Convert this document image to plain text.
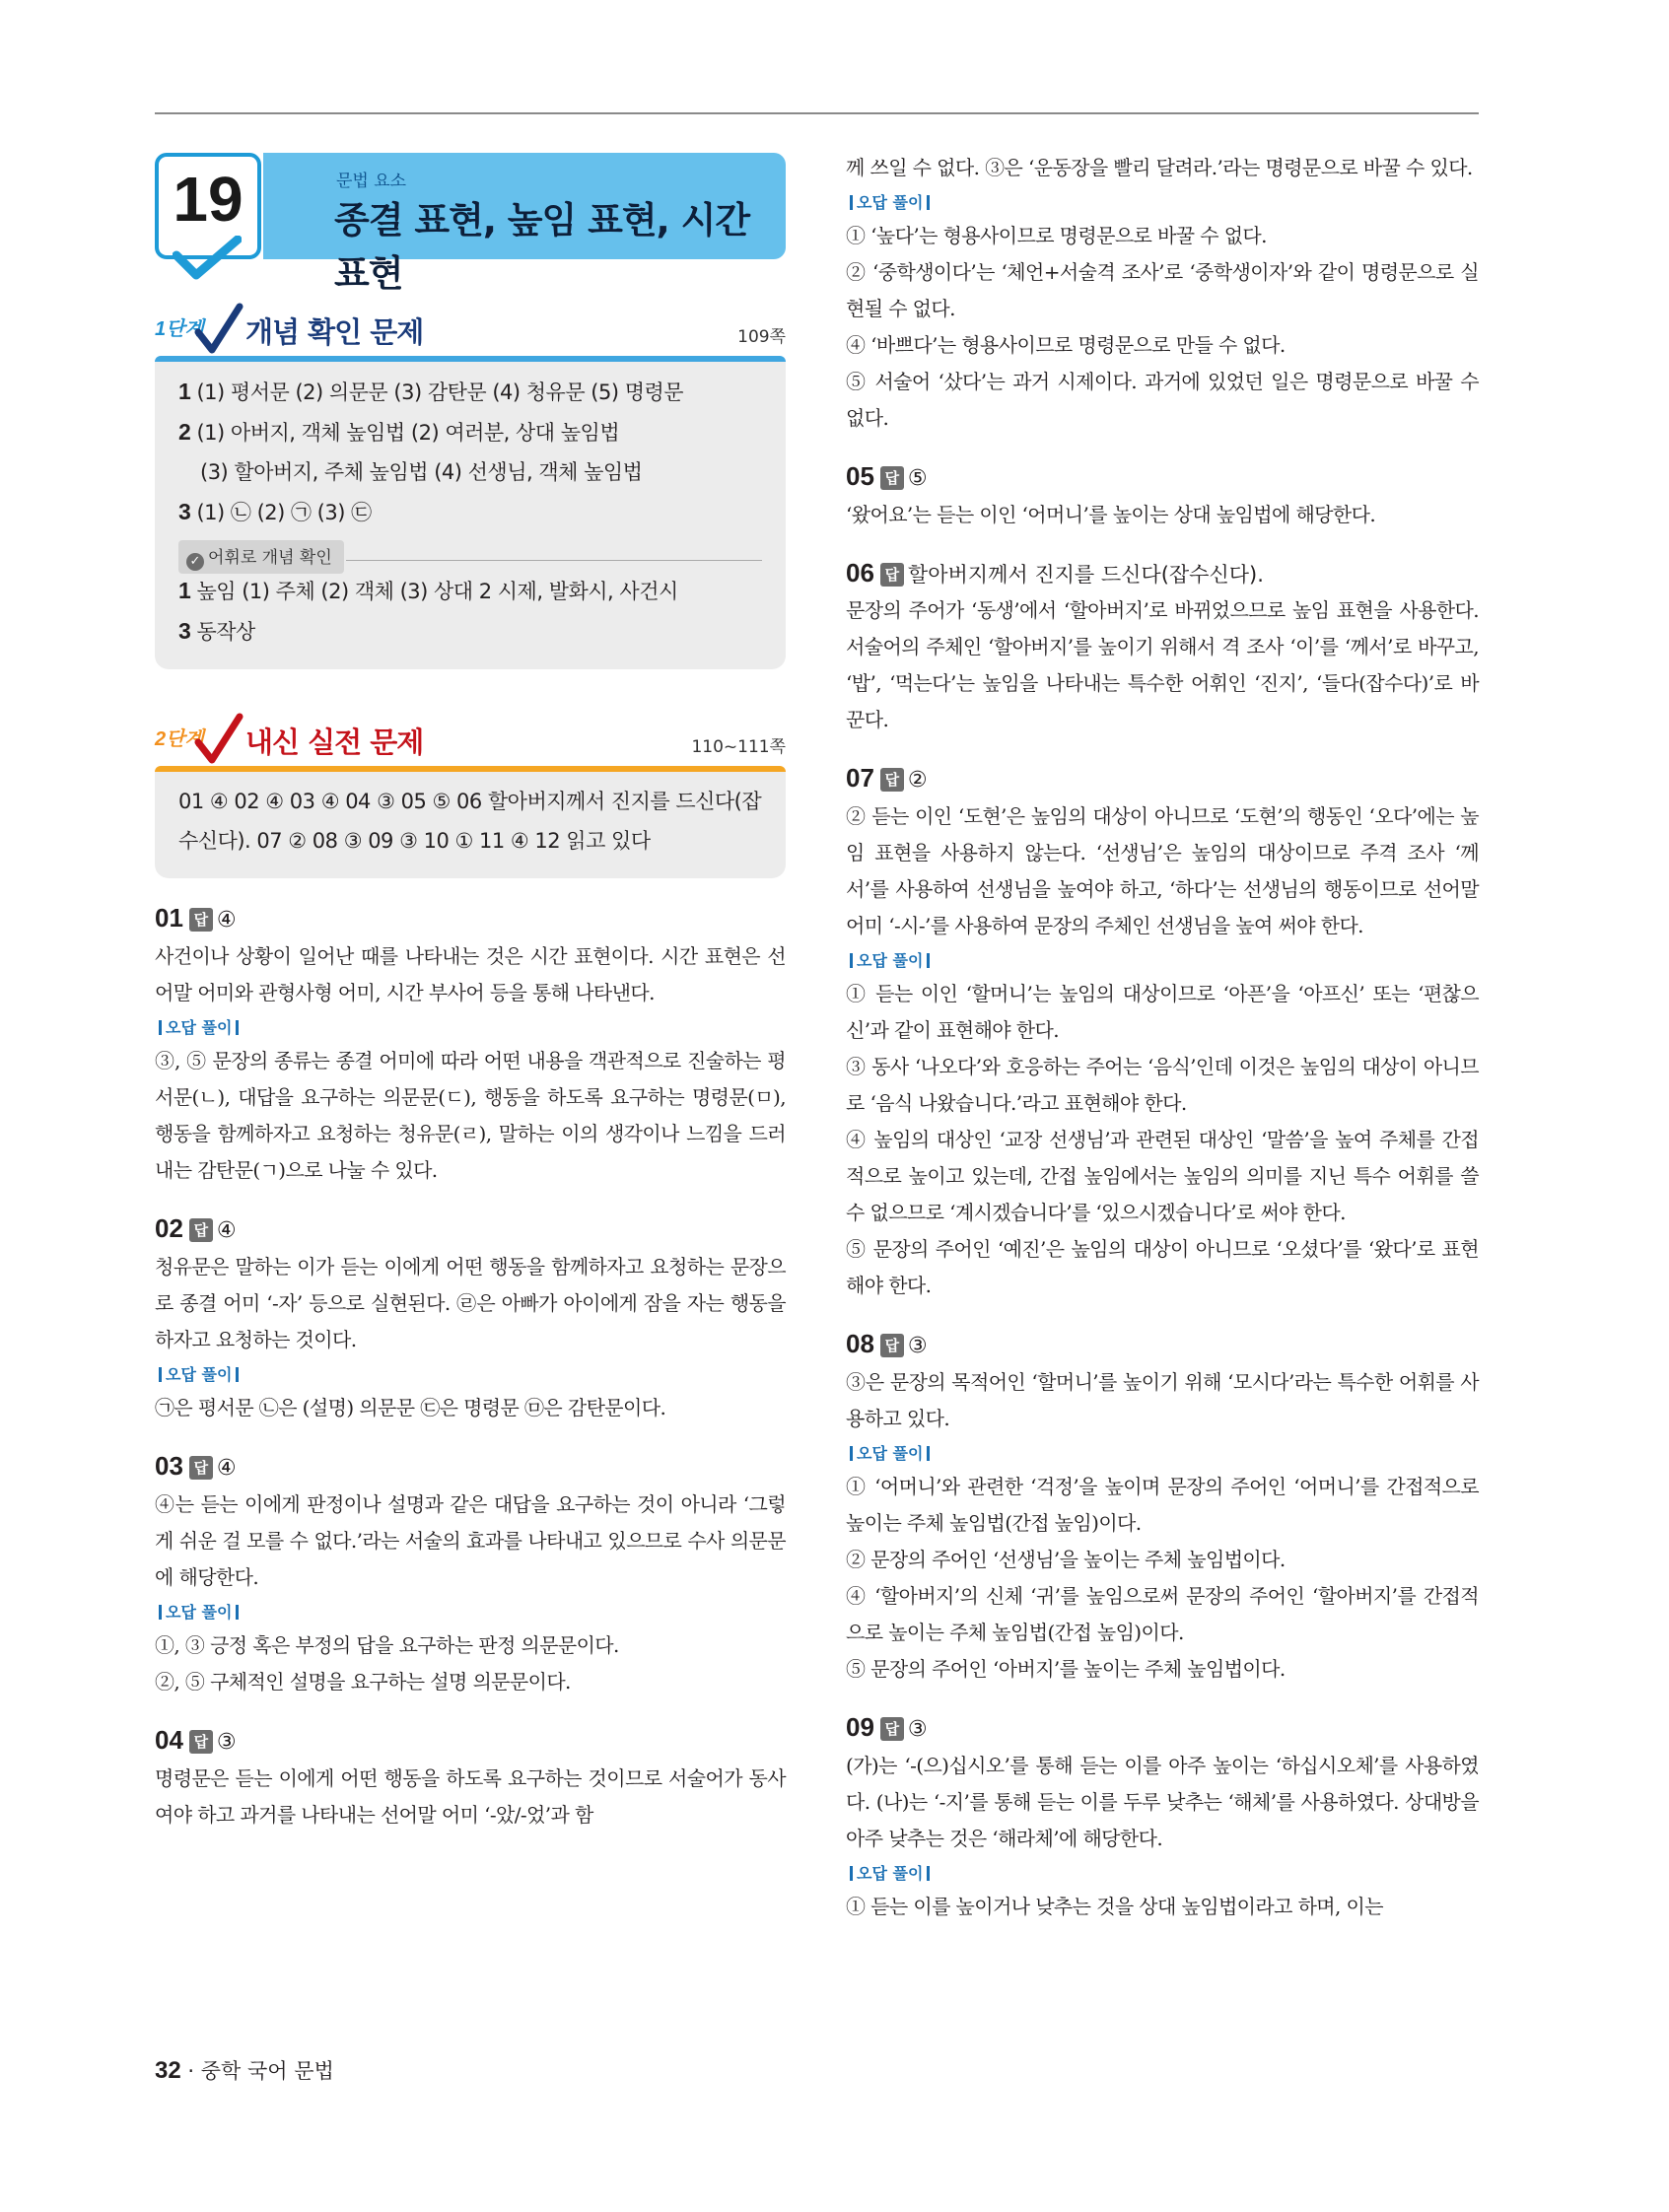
19	문법 요소
종결 표현, 높임 표현, 시간 표현
1단계 개념 확인 문제	109쪽
1 (1) 평서문 (2) 의문문 (3) 감탄문 (4) 청유문 (5) 명령문
2 (1) 아버지, 객체 높임법 (2) 여러분, 상대 높임법
(3) 할아버지, 주체 높임법 (4) 선생님, 객체 높임법
3 (1) ㉡ (2) ㉠ (3) ㉢
✓ 어휘로 개념 확인
1 높임 (1) 주체 (2) 객체 (3) 상대 2 시제, 발화시, 사건시
3 동작상
2단계 내신 실전 문제	110~111쪽
01 ④ 02 ④ 03 ④ 04 ③ 05 ⑤ 06 할아버지께서 진지를 드신다(잡수신다). 07 ② 08 ③ 09 ③ 10 ① 11 ④ 12 읽고 있다
01 답 ④
사건이나 상황이 일어난 때를 나타내는 것은 시간 표현이다. 시간 표현은 선어말 어미와 관형사형 어미, 시간 부사어 등을 통해 나타낸다.
오답 풀이
③, ⑤ 문장의 종류는 종결 어미에 따라 어떤 내용을 객관적으로 진술하는 평서문(ㄴ), 대답을 요구하는 의문문(ㄷ), 행동을 하도록 요구하는 명령문(ㅁ), 행동을 함께하자고 요청하는 청유문(ㄹ), 말하는 이의 생각이나 느낌을 드러내는 감탄문(ㄱ)으로 나눌 수 있다.
02 답 ④
청유문은 말하는 이가 듣는 이에게 어떤 행동을 함께하자고 요청하는 문장으로 종결 어미 ‘-자’ 등으로 실현된다. ㉣은 아빠가 아이에게 잠을 자는 행동을 하자고 요청하는 것이다.
오답 풀이
㉠은 평서문 ㉡은 (설명) 의문문 ㉢은 명령문 ㉤은 감탄문이다.
03 답 ④
④는 듣는 이에게 판정이나 설명과 같은 대답을 요구하는 것이 아니라 ‘그렇게 쉬운 걸 모를 수 없다.’라는 서술의 효과를 나타내고 있으므로 수사 의문문에 해당한다.
오답 풀이
①, ③ 긍정 혹은 부정의 답을 요구하는 판정 의문문이다.
②, ⑤ 구체적인 설명을 요구하는 설명 의문문이다.
04 답 ③
명령문은 듣는 이에게 어떤 행동을 하도록 요구하는 것이므로 서술어가 동사여야 하고 과거를 나타내는 선어말 어미 ‘-았/-었’과 함
께 쓰일 수 없다. ③은 ‘운동장을 빨리 달려라.’라는 명령문으로 바꿀 수 있다.
오답 풀이
① ‘높다’는 형용사이므로 명령문으로 바꿀 수 없다.
② ‘중학생이다’는 ‘체언+서술격 조사’로 ‘중학생이자’와 같이 명령문으로 실현될 수 없다.
④ ‘바쁘다’는 형용사이므로 명령문으로 만들 수 없다.
⑤ 서술어 ‘샀다’는 과거 시제이다. 과거에 있었던 일은 명령문으로 바꿀 수 없다.
05 답 ⑤
‘왔어요’는 듣는 이인 ‘어머니’를 높이는 상대 높임법에 해당한다.
06 답 할아버지께서 진지를 드신다(잡수신다).
문장의 주어가 ‘동생’에서 ‘할아버지’로 바뀌었으므로 높임 표현을 사용한다. 서술어의 주체인 ‘할아버지’를 높이기 위해서 격 조사 ‘이’를 ‘께서’로 바꾸고, ‘밥’, ‘먹는다’는 높임을 나타내는 특수한 어휘인 ‘진지’, ‘들다(잡수다)’로 바꾼다.
07 답 ②
② 듣는 이인 ‘도현’은 높임의 대상이 아니므로 ‘도현’의 행동인 ‘오다’에는 높임 표현을 사용하지 않는다. ‘선생님’은 높임의 대상이므로 주격 조사 ‘께서’를 사용하여 선생님을 높여야 하고, ‘하다’는 선생님의 행동이므로 선어말 어미 ‘-시-’를 사용하여 문장의 주체인 선생님을 높여 써야 한다.
오답 풀이
① 듣는 이인 ‘할머니’는 높임의 대상이므로 ‘아픈’을 ‘아프신’ 또는 ‘편찮으신’과 같이 표현해야 한다.
③ 동사 ‘나오다’와 호응하는 주어는 ‘음식’인데 이것은 높임의 대상이 아니므로 ‘음식 나왔습니다.’라고 표현해야 한다.
④ 높임의 대상인 ‘교장 선생님’과 관련된 대상인 ‘말씀’을 높여 주체를 간접적으로 높이고 있는데, 간접 높임에서는 높임의 의미를 지닌 특수 어휘를 쓸 수 없으므로 ‘계시겠습니다’를 ‘있으시겠습니다’로 써야 한다.
⑤ 문장의 주어인 ‘예진’은 높임의 대상이 아니므로 ‘오셨다’를 ‘왔다’로 표현해야 한다.
08 답 ③
③은 문장의 목적어인 ‘할머니’를 높이기 위해 ‘모시다’라는 특수한 어휘를 사용하고 있다.
오답 풀이
① ‘어머니’와 관련한 ‘걱정’을 높이며 문장의 주어인 ‘어머니’를 간접적으로 높이는 주체 높임법(간접 높임)이다.
② 문장의 주어인 ‘선생님’을 높이는 주체 높임법이다.
④ ‘할아버지’의 신체 ‘귀’를 높임으로써 문장의 주어인 ‘할아버지’를 간접적으로 높이는 주체 높임법(간접 높임)이다.
⑤ 문장의 주어인 ‘아버지’를 높이는 주체 높임법이다.
09 답 ③
(가)는 ‘-(으)십시오’를 통해 듣는 이를 아주 높이는 ‘하십시오체’를 사용하였다. (나)는 ‘-지’를 통해 듣는 이를 두루 낮추는 ‘해체’를 사용하였다. 상대방을 아주 낮추는 것은 ‘해라체’에 해당한다.
오답 풀이
① 듣는 이를 높이거나 낮추는 것을 상대 높임법이라고 하며, 이는
32 · 중학 국어 문법
